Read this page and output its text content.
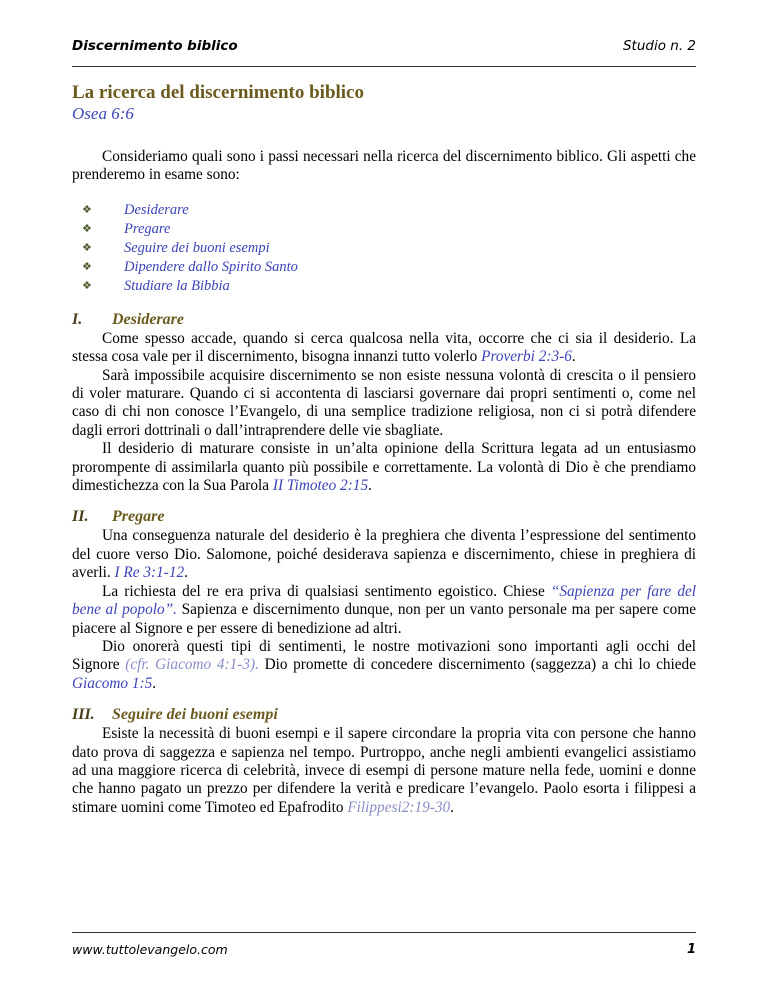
Discernimento biblico	Studio n. 2
La ricerca del discernimento biblico
Osea 6:6

Consideriamo quali sono i passi necessari nella ricerca del discernimento biblico. Gli aspetti che prenderemo in esame sono:

❖ Desiderare
❖ Pregare
❖ Seguire dei buoni esempi
❖ Dipendere dallo Spirito Santo
❖ Studiare la Bibbia
I.	Desiderare

Come spesso accade, quando si cerca qualcosa nella vita, occorre che ci sia il desiderio. La stessa cosa vale per il discernimento, bisogna innanzi tutto volerlo Proverbi 2:3-6.

Sarà impossibile acquisire discernimento se non esiste nessuna volontà di crescita o il pensiero di voler maturare. Quando ci si accontenta di lasciarsi governare dai propri sentimenti o, come nel caso di chi non conosce l’Evangelo, di una semplice tradizione religiosa, non ci si potrà difendere dagli errori dottrinali o dall’intraprendere delle vie sbagliate.

Il desiderio di maturare consiste in un’alta opinione della Scrittura legata ad un entusiasmo prorompente di assimilarla quanto più possibile e correttamente. La volontà di Dio è che prendiamo dimestichezza con la Sua Parola II Timoteo 2:15.

II.	Pregare

Una conseguenza naturale del desiderio è la preghiera che diventa l’espressione del sentimento del cuore verso Dio. Salomone, poiché desiderava sapienza e discernimento, chiese in preghiera di averli. I Re 3:1-12.

La richiesta del re era priva di qualsiasi sentimento egoistico. Chiese “Sapienza per fare del bene al popolo”. Sapienza e discernimento dunque, non per un vanto personale ma per sapere come piacere al Signore e per essere di benedizione ad altri.

Dio onorerà questi tipi di sentimenti, le nostre motivazioni sono importanti agli occhi del Signore (cfr. Giacomo 4:1-3). Dio promette di concedere discernimento (saggezza) a chi lo chiede Giacomo 1:5.

III.	Seguire dei buoni esempi

Esiste la necessità di buoni esempi e il sapere circondare la propria vita con persone che hanno dato prova di saggezza e sapienza nel tempo. Purtroppo, anche negli ambienti evangelici assistiamo ad una maggiore ricerca di celebrità, invece di esempi di persone mature nella fede, uomini e donne che hanno pagato un prezzo per difendere la verità e predicare l’evangelo. Paolo esorta i filippesi a stimare uomini come Timoteo ed Epafrodito Filippesi2:19-30.

www.tuttolevangelo.com	1
